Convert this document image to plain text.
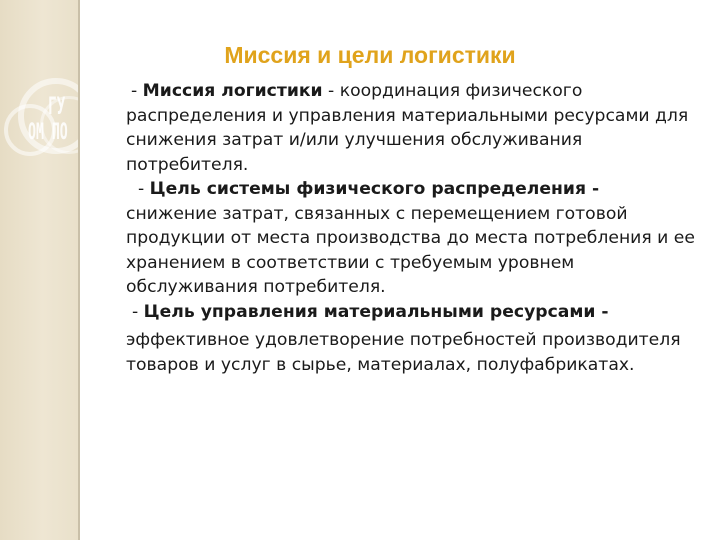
ГУ
ОМ ПО
Миссия и цели логистики

- Миссия логистики - координация физического распределения и управления материальными ресурсами для снижения затрат и/или улучшения обслуживания потребителя.

- Цель системы физического распределения -
снижение затрат, связанных с перемещением готовой продукции от места производства до места потребления и ее хранением в соответствии с требуемым уровнем обслуживания потребителя.

- Цель управления материальными ресурсами -
эффективное удовлетворение потребностей производителя товаров и услуг в сырье, материалах, полуфабрикатах.
